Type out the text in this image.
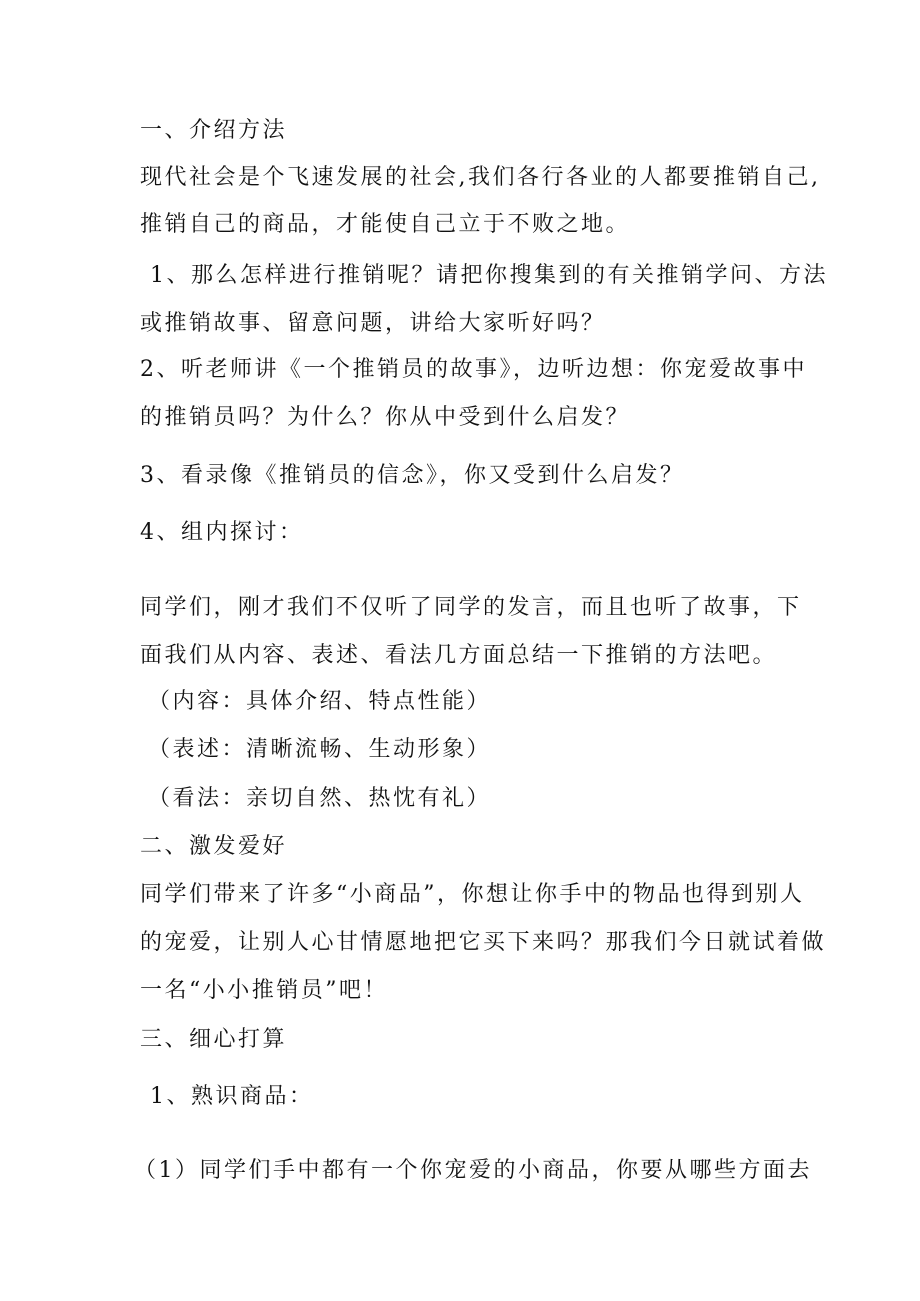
一、介绍方法
现代社会是个飞速发展的社会,我们各行各业的人都要推销自己,
推销自己的商品，才能使自己立于不败之地。
1、那么怎样进行推销呢？请把你搜集到的有关推销学问、方法
或推销故事、留意问题，讲给大家听好吗？
2、听老师讲《一个推销员的故事》，边听边想：你宠爱故事中
的推销员吗？为什么？你从中受到什么启发？
3、看录像《推销员的信念》，你又受到什么启发？
4、组内探讨：
同学们，刚才我们不仅听了同学的发言，而且也听了故事，下
面我们从内容、表述、看法几方面总结一下推销的方法吧。
（内容：具体介绍、特点性能）
（表述：清晰流畅、生动形象）
（看法：亲切自然、热忱有礼）
二、激发爱好
同学们带来了许多“小商品”，你想让你手中的物品也得到别人
的宠爱，让别人心甘情愿地把它买下来吗？那我们今日就试着做
一名“小小推销员”吧！
三、细心打算
1、熟识商品：
（1）同学们手中都有一个你宠爱的小商品，你要从哪些方面去
